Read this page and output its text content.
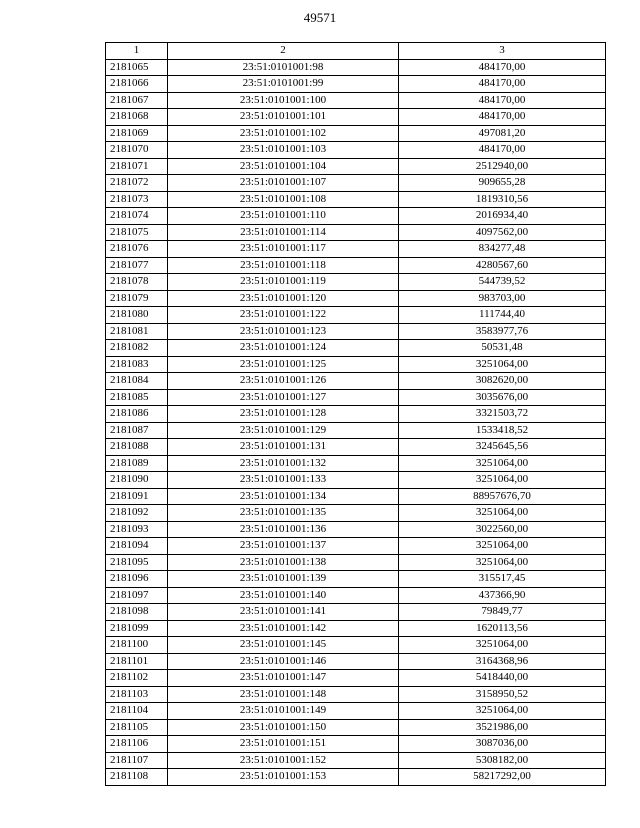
49571
1	2	3
2181065	23:51:0101001:98	484170,00
2181066	23:51:0101001:99	484170,00
2181067	23:51:0101001:100	484170,00
2181068	23:51:0101001:101	484170,00
2181069	23:51:0101001:102	497081,20
2181070	23:51:0101001:103	484170,00
2181071	23:51:0101001:104	2512940,00
2181072	23:51:0101001:107	909655,28
2181073	23:51:0101001:108	1819310,56
2181074	23:51:0101001:110	2016934,40
2181075	23:51:0101001:114	4097562,00
2181076	23:51:0101001:117	834277,48
2181077	23:51:0101001:118	4280567,60
2181078	23:51:0101001:119	544739,52
2181079	23:51:0101001:120	983703,00
2181080	23:51:0101001:122	111744,40
2181081	23:51:0101001:123	3583977,76
2181082	23:51:0101001:124	50531,48
2181083	23:51:0101001:125	3251064,00
2181084	23:51:0101001:126	3082620,00
2181085	23:51:0101001:127	3035676,00
2181086	23:51:0101001:128	3321503,72
2181087	23:51:0101001:129	1533418,52
2181088	23:51:0101001:131	3245645,56
2181089	23:51:0101001:132	3251064,00
2181090	23:51:0101001:133	3251064,00
2181091	23:51:0101001:134	88957676,70
2181092	23:51:0101001:135	3251064,00
2181093	23:51:0101001:136	3022560,00
2181094	23:51:0101001:137	3251064,00
2181095	23:51:0101001:138	3251064,00
2181096	23:51:0101001:139	315517,45
2181097	23:51:0101001:140	437366,90
2181098	23:51:0101001:141	79849,77
2181099	23:51:0101001:142	1620113,56
2181100	23:51:0101001:145	3251064,00
2181101	23:51:0101001:146	3164368,96
2181102	23:51:0101001:147	5418440,00
2181103	23:51:0101001:148	3158950,52
2181104	23:51:0101001:149	3251064,00
2181105	23:51:0101001:150	3521986,00
2181106	23:51:0101001:151	3087036,00
2181107	23:51:0101001:152	5308182,00
2181108	23:51:0101001:153	58217292,00
